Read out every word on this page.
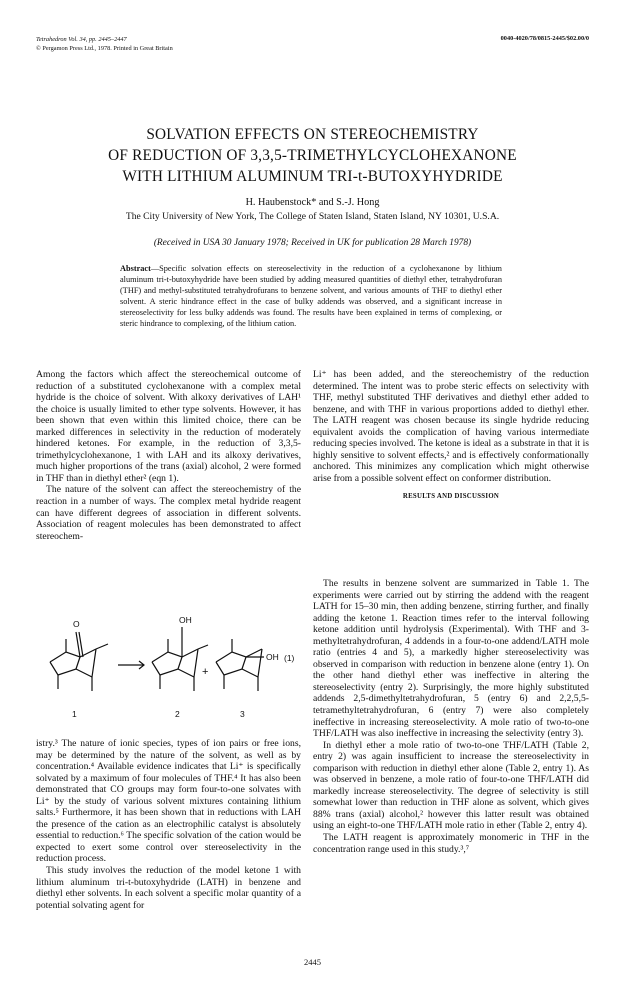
Tetrahedron Vol. 34, pp. 2445–2447
© Pergamon Press Ltd., 1978. Printed in Great Britain
0040-4020/78/0815-2445/$02.00/0
SOLVATION EFFECTS ON STEREOCHEMISTRY
OF REDUCTION OF 3,3,5-TRIMETHYLCYCLOHEXANONE
WITH LITHIUM ALUMINUM TRI-t-BUTOXYHYDRIDE
H. Haubenstock* and S.-J. Hong
The City University of New York, The College of Staten Island, Staten Island, NY 10301, U.S.A.
(Received in USA 30 January 1978; Received in UK for publication 28 March 1978)
Abstract—Specific solvation effects on stereoselectivity in the reduction of a cyclohexanone by lithium aluminum tri-t-butoxyhydride have been studied by adding measured quantities of diethyl ether, tetrahydrofuran (THF) and methyl-substituted tetrahydrofurans to benzene solvent, and various amounts of THF to diethyl ether solvent. A steric hindrance effect in the case of bulky addends was observed, and a significant increase in stereoselectivity for less bulky addends was found. The results have been explained in terms of complexing, or steric hindrance to complexing, of the lithium cation.

Among the factors which affect the stereochemical outcome of reduction of a substituted cyclohexanone with a complex metal hydride is the choice of solvent. With alkoxy derivatives of LAH¹ the choice is usually limited to ether type solvents. However, it has been shown that even within this limited choice, there can be marked differences in selectivity in the reduction of moderately hindered ketones. For example, in the reduction of 3,3,5-trimethylcyclohexanone, 1 with LAH and its alkoxy derivatives, much higher proportions of the trans (axial) alcohol, 2 were formed in THF than in diethyl ether² (eqn 1).

The nature of the solvent can affect the stereochemistry of the reaction in a number of ways. The complex metal hydride reagent can have different degrees of association in different solvents. Association of reagent molecules has been demonstrated to affect stereochem-

O	OH
OH
+
(1)
1	2	3

istry.³ The nature of ionic species, types of ion pairs or free ions, may be determined by the nature of the solvent, as well as by concentration.⁴ Available evidence indicates that Li⁺ is specifically solvated by a maximum of four molecules of THF.⁴ It has also been demonstrated that CO groups may form four-to-one solvates with Li⁺ by the study of various solvent mixtures containing lithium salts.⁵ Furthermore, it has been shown that in reductions with LAH the presence of the cation as an electrophilic catalyst is absolutely essential to reduction.⁶ The specific solvation of the cation would be expected to exert some control over stereoselectivity in the reduction process.

This study involves the reduction of the model ketone 1 with lithium aluminum tri-t-butoxyhydride (LATH) in benzene and diethyl ether solvents. In each solvent a specific molar quantity of a potential solvating agent for

Li⁺ has been added, and the stereochemistry of the reduction determined. The intent was to probe steric effects on selectivity with THF, methyl substituted THF derivatives and diethyl ether added to benzene, and with THF in various proportions added to diethyl ether. The LATH reagent was chosen because its single hydride reducing equivalent avoids the complication of having various intermediate reducing species involved. The ketone is ideal as a substrate in that it is highly sensitive to solvent effects,² and is effectively conformationally anchored. This minimizes any complication which might otherwise arise from a possible solvent effect on conformer distribution.

RESULTS AND DISCUSSION

The results in benzene solvent are summarized in Table 1. The experiments were carried out by stirring the addend with the reagent LATH for 15–30 min, then adding benzene, stirring further, and finally adding the ketone 1. Reaction times refer to the interval following ketone addition until hydrolysis (Experimental). With THF and 3-methyltetrahydrofuran, 4 addends in a four-to-one addend/LATH mole ratio (entries 4 and 5), a markedly higher stereoselectivity was observed in comparison with reduction in benzene alone (entry 1). On the other hand diethyl ether was ineffective in altering the stereoselectivity (entry 2). Surprisingly, the more highly substituted addends 2,5-dimethyltetrahydrofuran, 5 (entry 6) and 2,2,5,5-tetramethyltetrahydrofuran, 6 (entry 7) were also completely ineffective in increasing stereoselectivity. A mole ratio of two-to-one THF/LATH was also ineffective in increasing the selectivity (entry 3).

In diethyl ether a mole ratio of two-to-one THF/LATH (Table 2, entry 2) was again insufficient to increase the stereoselectivity in comparison with reduction in diethyl ether alone (Table 2, entry 1). As was observed in benzene, a mole ratio of four-to-one THF/LATH did markedly increase stereoselectivity. The degree of selectivity is still somewhat lower than reduction in THF alone as solvent, which gives 88% trans (axial) alcohol,² however this latter result was obtained using an eight-to-one THF/LATH mole ratio in ether (Table 2, entry 4).

The LATH reagent is approximately monomeric in THF in the concentration range used in this study.³,⁷

2445
